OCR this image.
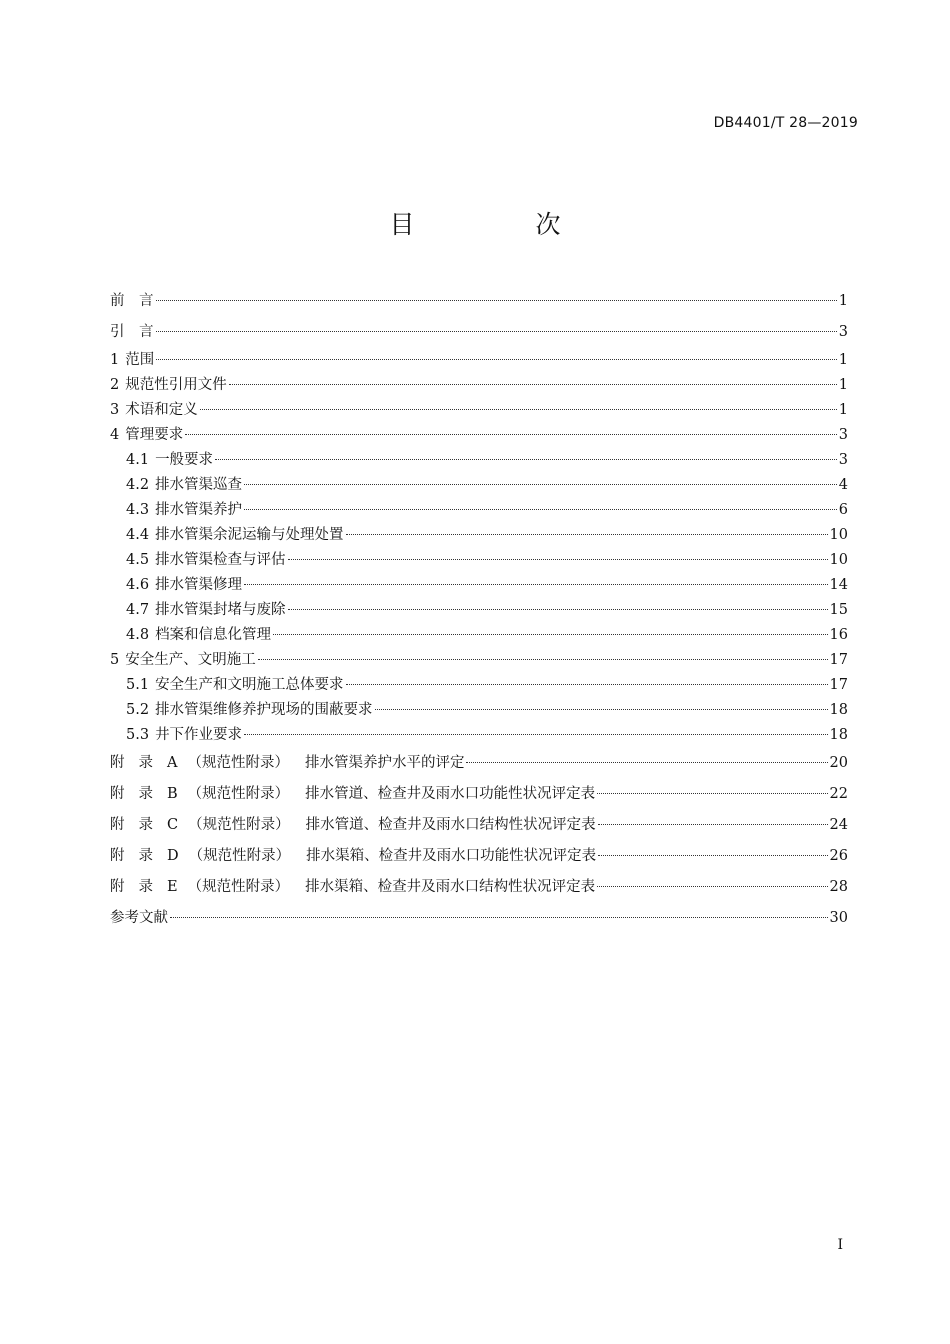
DB4401/T 28—2019
目　次
前　言	1
引　言	3
1 范围	1
2 规范性引用文件	1
3 术语和定义	1
4 管理要求	3
4.1 一般要求	3
4.2 排水管渠巡查	4
4.3 排水管渠养护	6
4.4 排水管渠余泥运输与处理处置	10
4.5 排水管渠检查与评估	10
4.6 排水管渠修理	14
4.7 排水管渠封堵与废除	15
4.8 档案和信息化管理	16
5 安全生产、文明施工	17
5.1 安全生产和文明施工总体要求	17
5.2 排水管渠维修养护现场的围蔽要求	18
5.3 井下作业要求	18
附录A （规范性附录） 排水管渠养护水平的评定	20
附录B （规范性附录） 排水管道、检查井及雨水口功能性状况评定表	22
附录C （规范性附录） 排水管道、检查井及雨水口结构性状况评定表	24
附录D （规范性附录） 排水渠箱、检查井及雨水口功能性状况评定表	26
附录E （规范性附录） 排水渠箱、检查井及雨水口结构性状况评定表	28
参考文献	30
I
